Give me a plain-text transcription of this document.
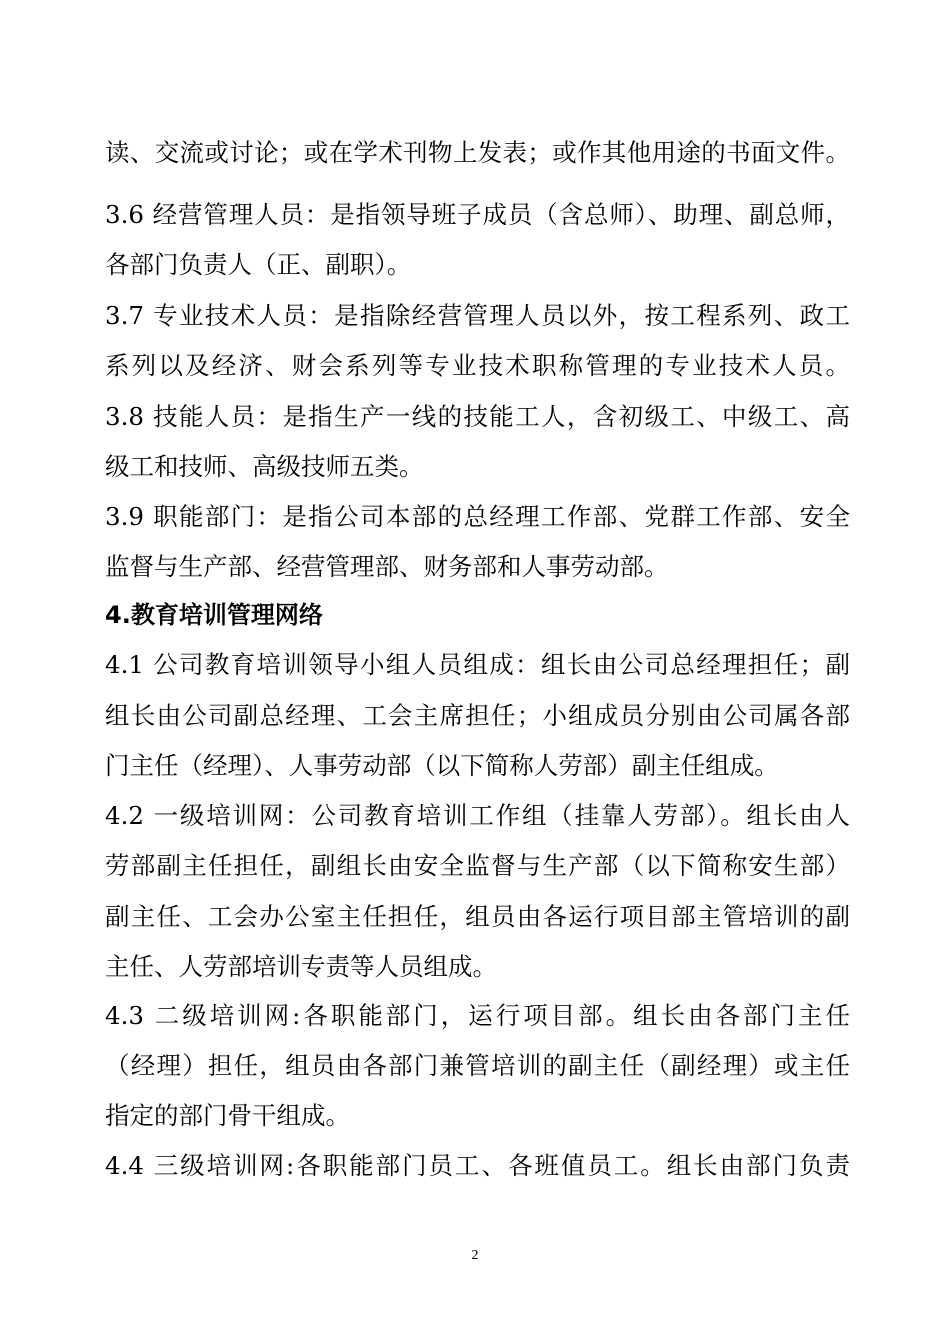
读、交流或讨论；或在学术刊物上发表；或作其他用途的书面文件。
3.6 经营管理人员：是指领导班子成员（含总师）、助理、副总师，
各部门负责人（正、副职）。
3.7 专业技术人员：是指除经营管理人员以外，按工程系列、政工
系列以及经济、财会系列等专业技术职称管理的专业技术人员。
3.8 技能人员：是指生产一线的技能工人，含初级工、中级工、高
级工和技师、高级技师五类。
3.9 职能部门：是指公司本部的总经理工作部、党群工作部、安全
监督与生产部、经营管理部、财务部和人事劳动部。
4.教育培训管理网络
4.1 公司教育培训领导小组人员组成：组长由公司总经理担任；副
组长由公司副总经理、工会主席担任；小组成员分别由公司属各部
门主任（经理）、人事劳动部（以下简称人劳部）副主任组成。
4.2 一级培训网：公司教育培训工作组（挂靠人劳部）。组长由人
劳部副主任担任，副组长由安全监督与生产部（以下简称安生部）
副主任、工会办公室主任担任，组员由各运行项目部主管培训的副
主任、人劳部培训专责等人员组成。
4.3 二级培训网:各职能部门，运行项目部。组长由各部门主任
（经理）担任，组员由各部门兼管培训的副主任（副经理）或主任
指定的部门骨干组成。
4.4 三级培训网:各职能部门员工、各班值员工。组长由部门负责
2
